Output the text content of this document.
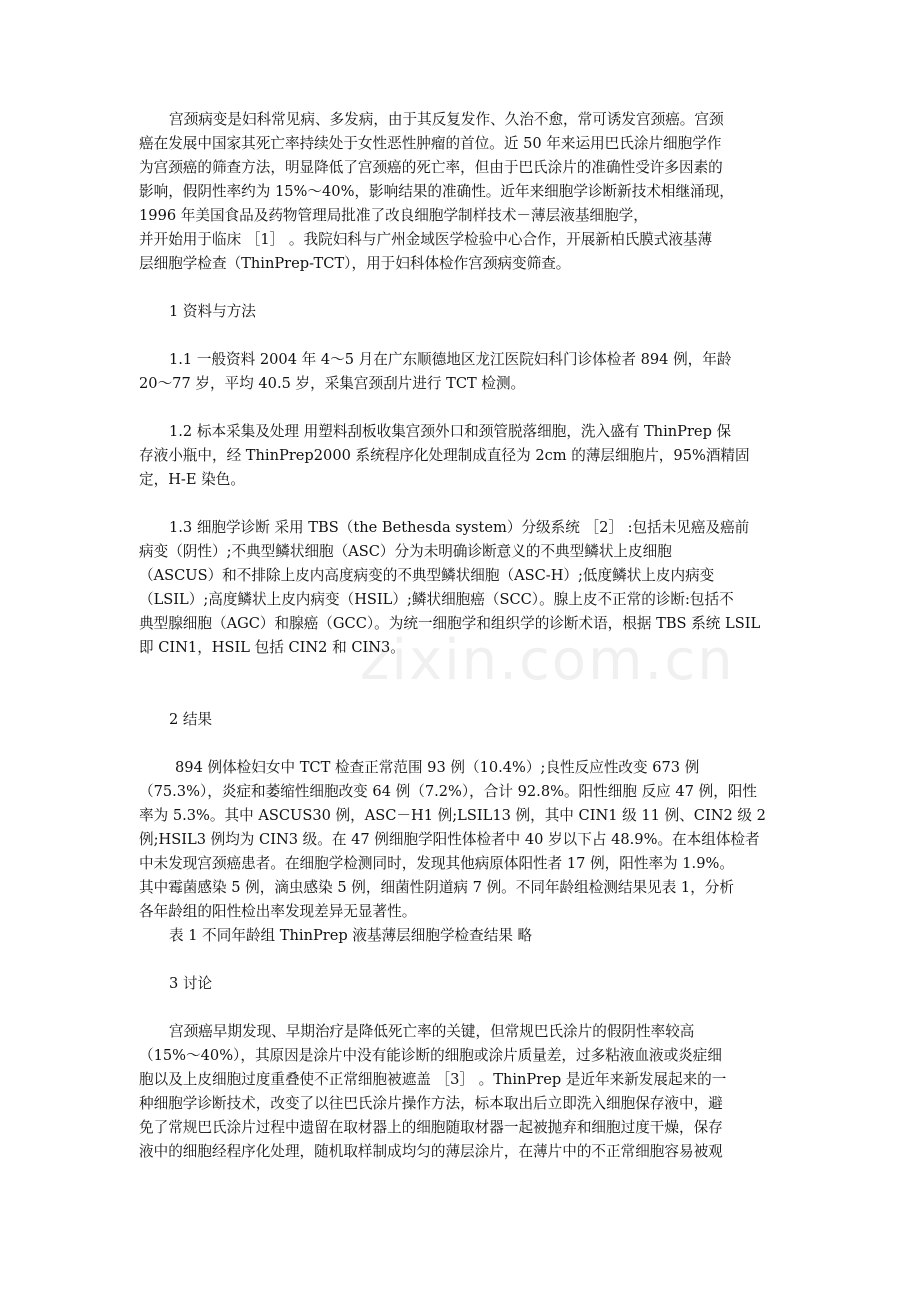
zixin.com.cn

宫颈病变是妇科常见病、多发病，由于其反复发作、久治不愈，常可诱发宫颈癌。宫颈
癌在发展中国家其死亡率持续处于女性恶性肿瘤的首位。近 50 年来运用巴氏涂片细胞学作
为宫颈癌的筛查方法，明显降低了宫颈癌的死亡率，但由于巴氏涂片的准确性受许多因素的
影响，假阴性率约为 15%～40%，影响结果的准确性。近年来细胞学诊断新技术相继涌现，
1996 年美国食品及药物管理局批准了改良细胞学制样技术－薄层液基细胞学，
并开始用于临床 ［1］ 。我院妇科与广州金域医学检验中心合作，开展新柏氏膜式液基薄
层细胞学检查（ThinPrep-TCT），用于妇科体检作宫颈病变筛查。

1 资料与方法

1.1 一般资料 2004 年 4～5 月在广东顺德地区龙江医院妇科门诊体检者 894 例，年龄
20～77 岁，平均 40.5 岁，采集宫颈刮片进行 TCT 检测。

1.2 标本采集及处理 用塑料刮板收集宫颈外口和颈管脱落细胞，洗入盛有 ThinPrep 保
存液小瓶中，经 ThinPrep2000 系统程序化处理制成直径为 2cm 的薄层细胞片，95%酒精固
定，H-E 染色。

1.3 细胞学诊断 采用 TBS（the Bethesda system）分级系统 ［2］ :包括未见癌及癌前
病变（阴性）;不典型鳞状细胞（ASC）分为未明确诊断意义的不典型鳞状上皮细胞
（ASCUS）和不排除上皮内高度病变的不典型鳞状细胞（ASC-H）;低度鳞状上皮内病变
（LSIL）;高度鳞状上皮内病变（HSIL）;鳞状细胞癌（SCC）。腺上皮不正常的诊断:包括不
典型腺细胞（AGC）和腺癌（GCC）。为统一细胞学和组织学的诊断术语，根据 TBS 系统 LSIL
即 CIN1，HSIL 包括 CIN2 和 CIN3。

2 结果

894 例体检妇女中 TCT 检查正常范围 93 例（10.4%）;良性反应性改变 673 例
（75.3%），炎症和萎缩性细胞改变 64 例（7.2%），合计 92.8%。阳性细胞 反应 47 例，阳性
率为 5.3%。其中 ASCUS30 例，ASC－H1 例;LSIL13 例，其中 CIN1 级 11 例、CIN2 级 2
例;HSIL3 例均为 CIN3 级。在 47 例细胞学阳性体检者中 40 岁以下占 48.9%。在本组体检者
中未发现宫颈癌患者。在细胞学检测同时，发现其他病原体阳性者 17 例，阳性率为 1.9%。
其中霉菌感染 5 例，滴虫感染 5 例，细菌性阴道病 7 例。不同年龄组检测结果见表 1，分析
各年龄组的阳性检出率发现差异无显著性。
表 1 不同年龄组 ThinPrep 液基薄层细胞学检查结果 略

3 讨论

宫颈癌早期发现、早期治疗是降低死亡率的关键，但常规巴氏涂片的假阴性率较高
（15%～40%），其原因是涂片中没有能诊断的细胞或涂片质量差，过多粘液血液或炎症细
胞以及上皮细胞过度重叠使不正常细胞被遮盖 ［3］ 。ThinPrep 是近年来新发展起来的一
种细胞学诊断技术，改变了以往巴氏涂片操作方法，标本取出后立即洗入细胞保存液中，避
免了常规巴氏涂片过程中遗留在取材器上的细胞随取材器一起被抛弃和细胞过度干燥，保存
液中的细胞经程序化处理，随机取样制成均匀的薄层涂片，在薄片中的不正常细胞容易被观
